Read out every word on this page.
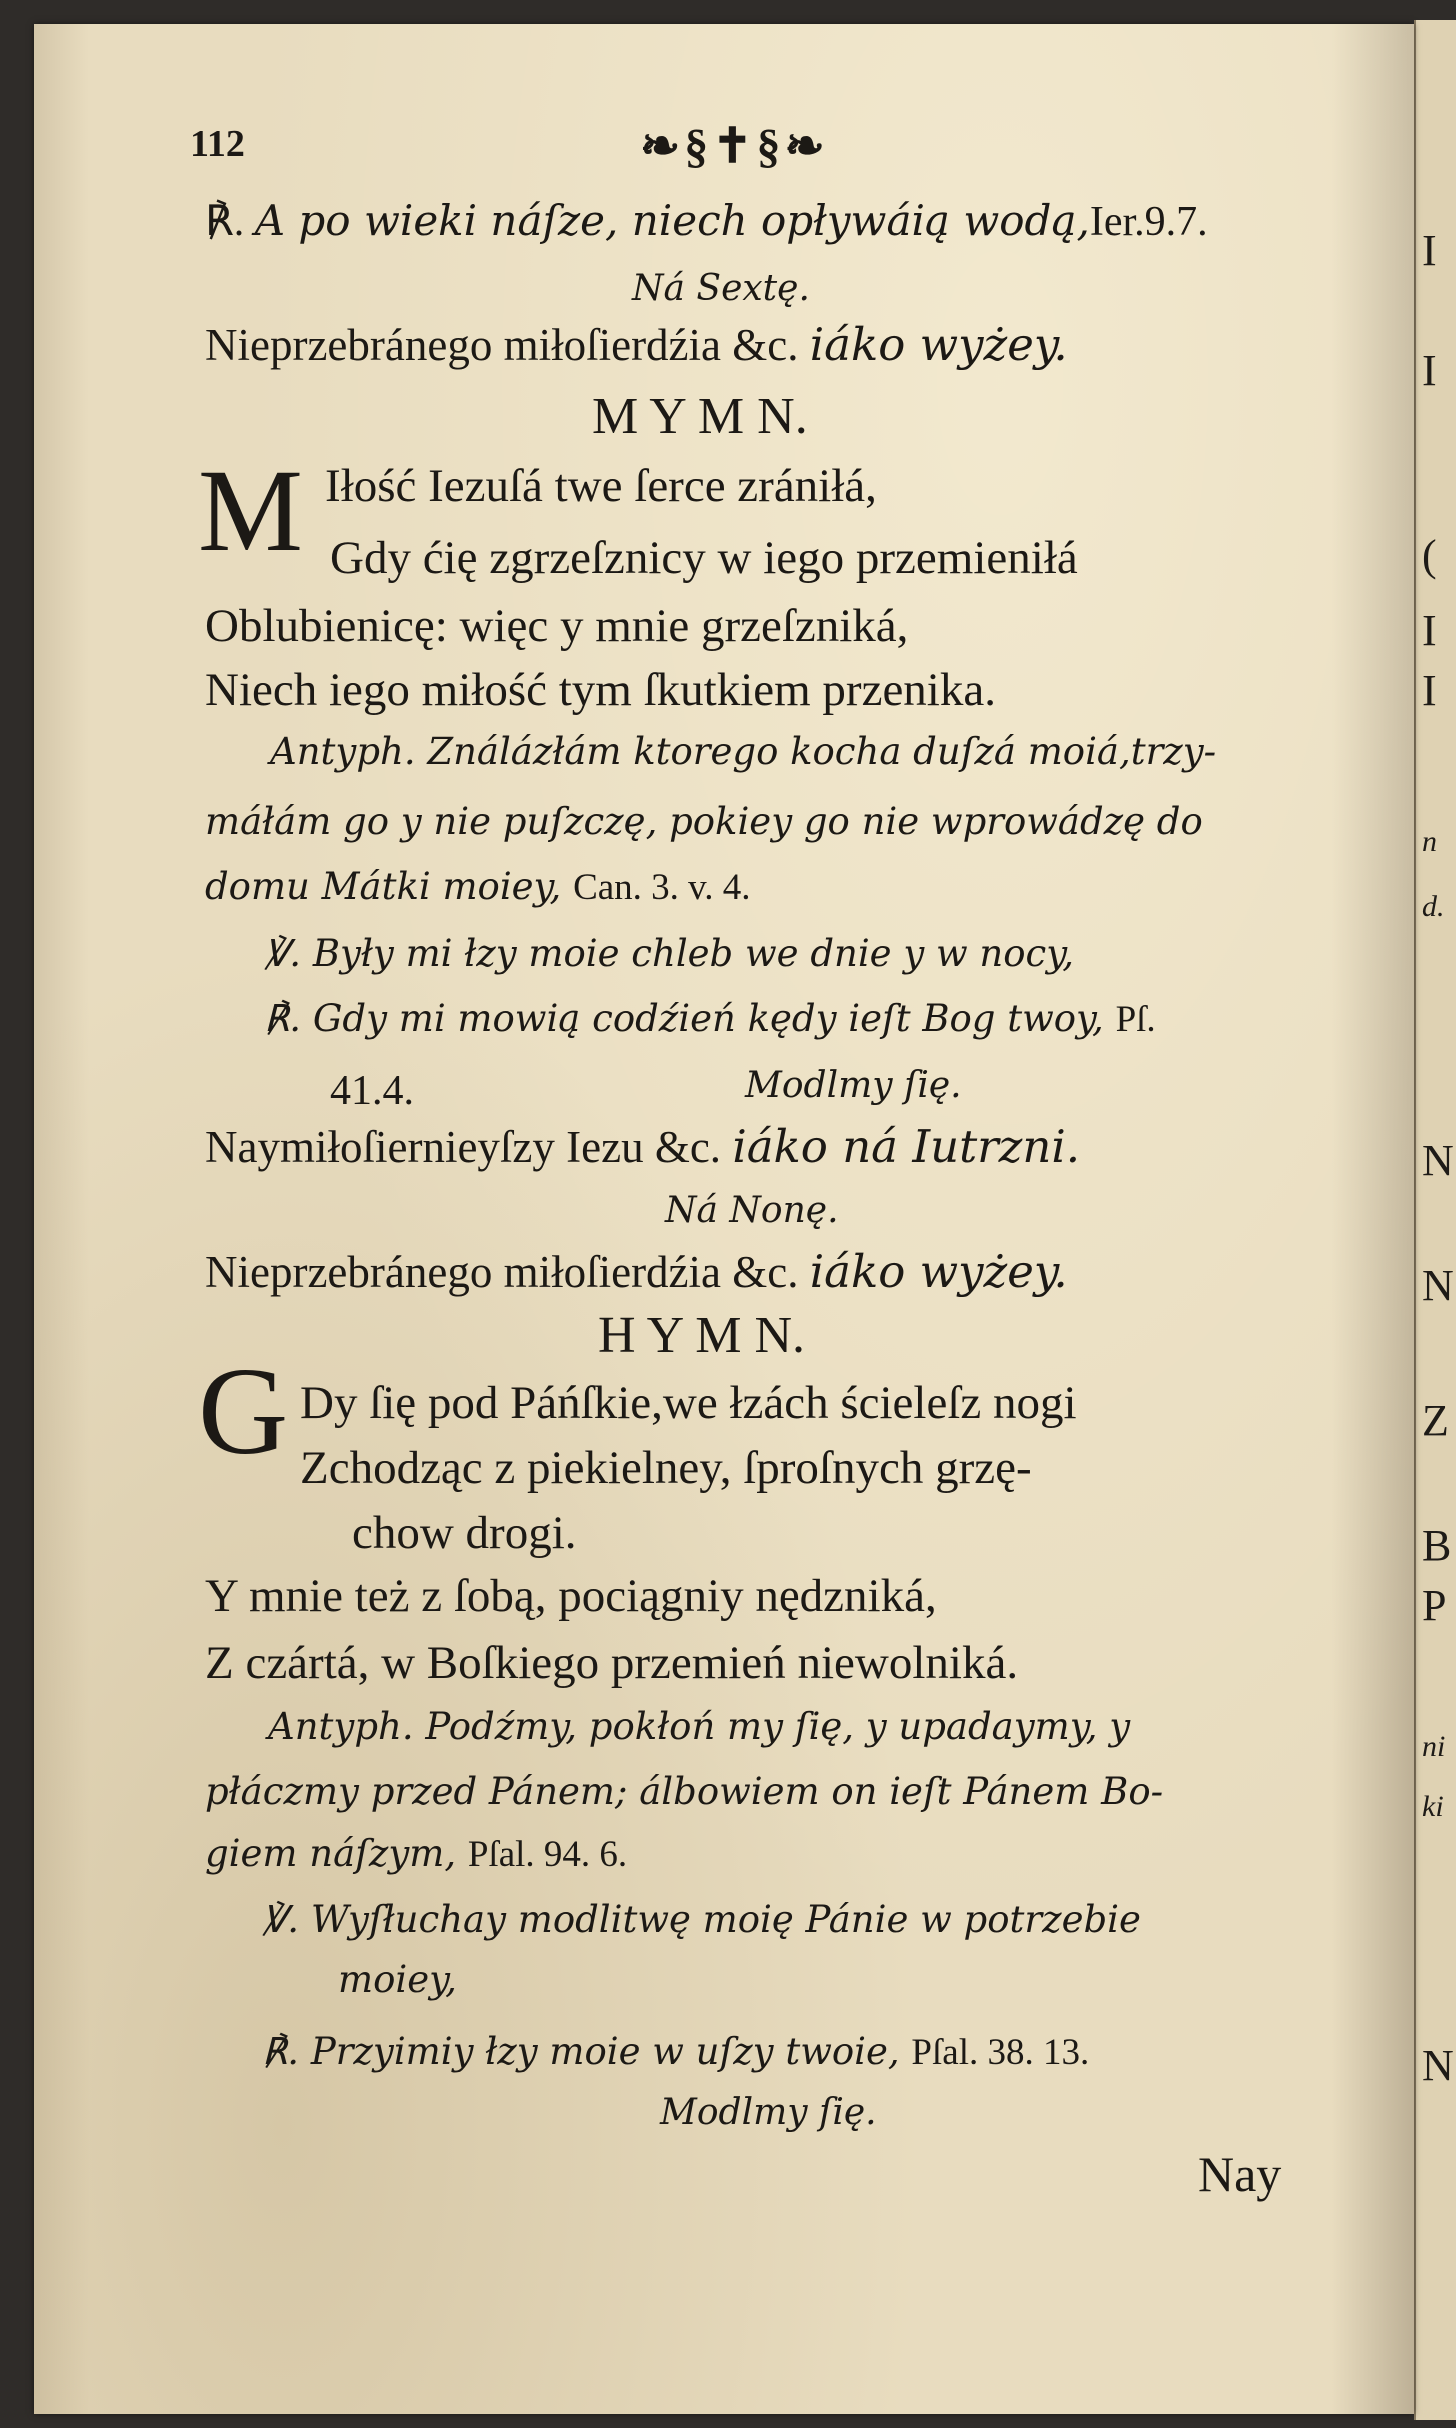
I
I
(
I
I
n
d.
N
N
Z
B
P
ni
ki
N
112	❧§✝§❧
M
G
℟. A po wieki náſze, niech opływáią wodą,Ier.9.7.
Ná Sextę.
Nieprzebránego miłoſierdźia &c. iáko wyżey.
M Y M N.
Iłość Iezuſá twe ſerce zrániłá,
Gdy ćię zgrzeſznicy w iego przemieniłá
Oblubienicę: więc y mnie grzeſzniká,
Niech iego miłość tym ſkutkiem przenika.
Antyph. Ználázłám ktorego kocha duſzá moiá,trzy-
máłám go y nie puſzczę, pokiey go nie wprowádzę do
domu Mátki moiey, Can. 3. v. 4.
℣. Były mi łzy moie chleb we dnie y w nocy,
℟. Gdy mi mowią codźień kędy ieſt Bog twoy, Pſ.
41.4.	Modlmy ſię.
Naymiłoſiernieyſzy Iezu &c. iáko ná Iutrzni.
Ná Nonę.
Nieprzebránego miłoſierdźia &c. iáko wyżey.
H Y M N.
Dy ſię pod Páńſkie,we łzách ścieleſz nogi
Zchodząc z piekielney, ſproſnych grzę-
chow drogi.
Y mnie też z ſobą, pociągniy nędzniká,
Z czártá, w Boſkiego przemień niewolniká.
Antyph. Podźmy, pokłoń my ſię, y upadaymy, y
płáczmy przed Pánem; álbowiem on ieſt Pánem Bo-
giem náſzym, Pſal. 94. 6.
℣. Wyſłuchay modlitwę moię Pánie w potrzebie
moiey,
℟. Przyimiy łzy moie w uſzy twoie, Pſal. 38. 13.
Modlmy ſię.
Nay
